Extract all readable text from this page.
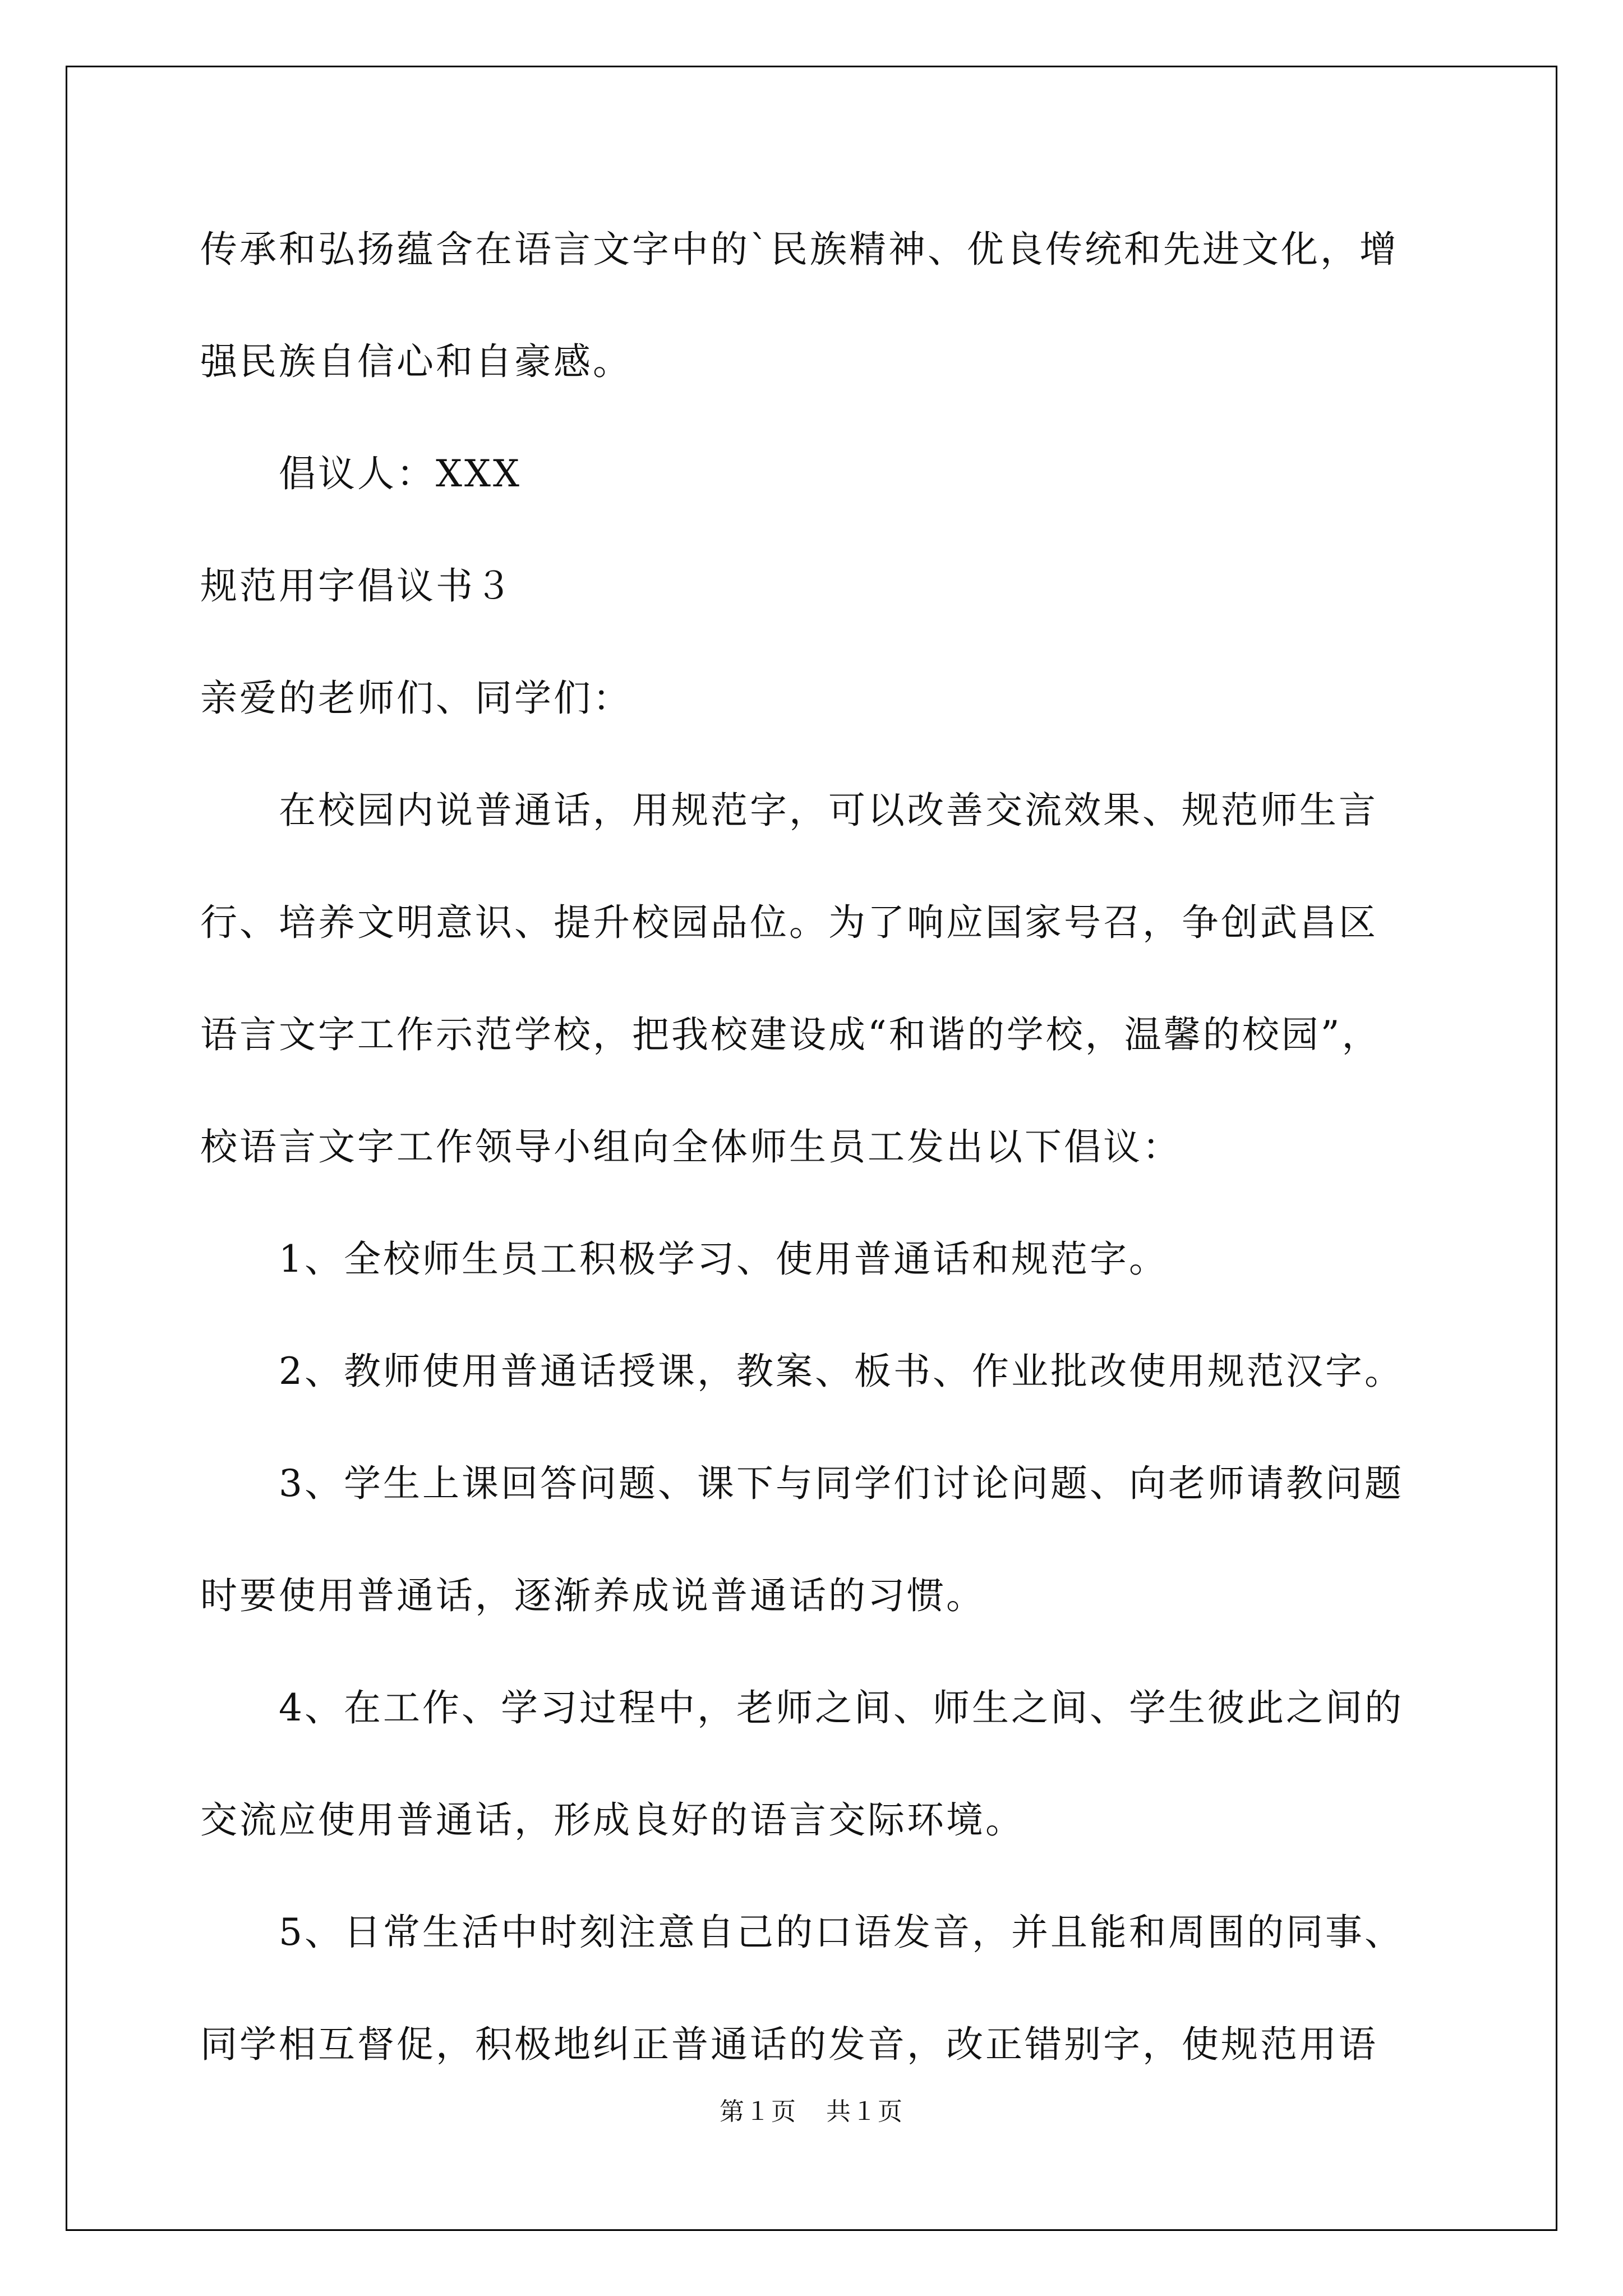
传承和弘扬蕴含在语言文字中的`民族精神、优良传统和先进文化，增
强民族自信心和自豪感。
倡议人：XXX
规范用字倡议书３
亲爱的老师们、同学们：
在校园内说普通话，用规范字，可以改善交流效果、规范师生言
行、培养文明意识、提升校园品位。为了响应国家号召，争创武昌区
语言文字工作示范学校，把我校建设成“和谐的学校，温馨的校园”，
校语言文字工作领导小组向全体师生员工发出以下倡议：
1、全校师生员工积极学习、使用普通话和规范字。
2、教师使用普通话授课，教案、板书、作业批改使用规范汉字。
3、学生上课回答问题、课下与同学们讨论问题、向老师请教问题
时要使用普通话，逐渐养成说普通话的习惯。
4、在工作、学习过程中，老师之间、师生之间、学生彼此之间的
交流应使用普通话，形成良好的语言交际环境。
5、日常生活中时刻注意自己的口语发音，并且能和周围的同事、
同学相互督促，积极地纠正普通话的发音，改正错别字，使规范用语
第１页 共１页
